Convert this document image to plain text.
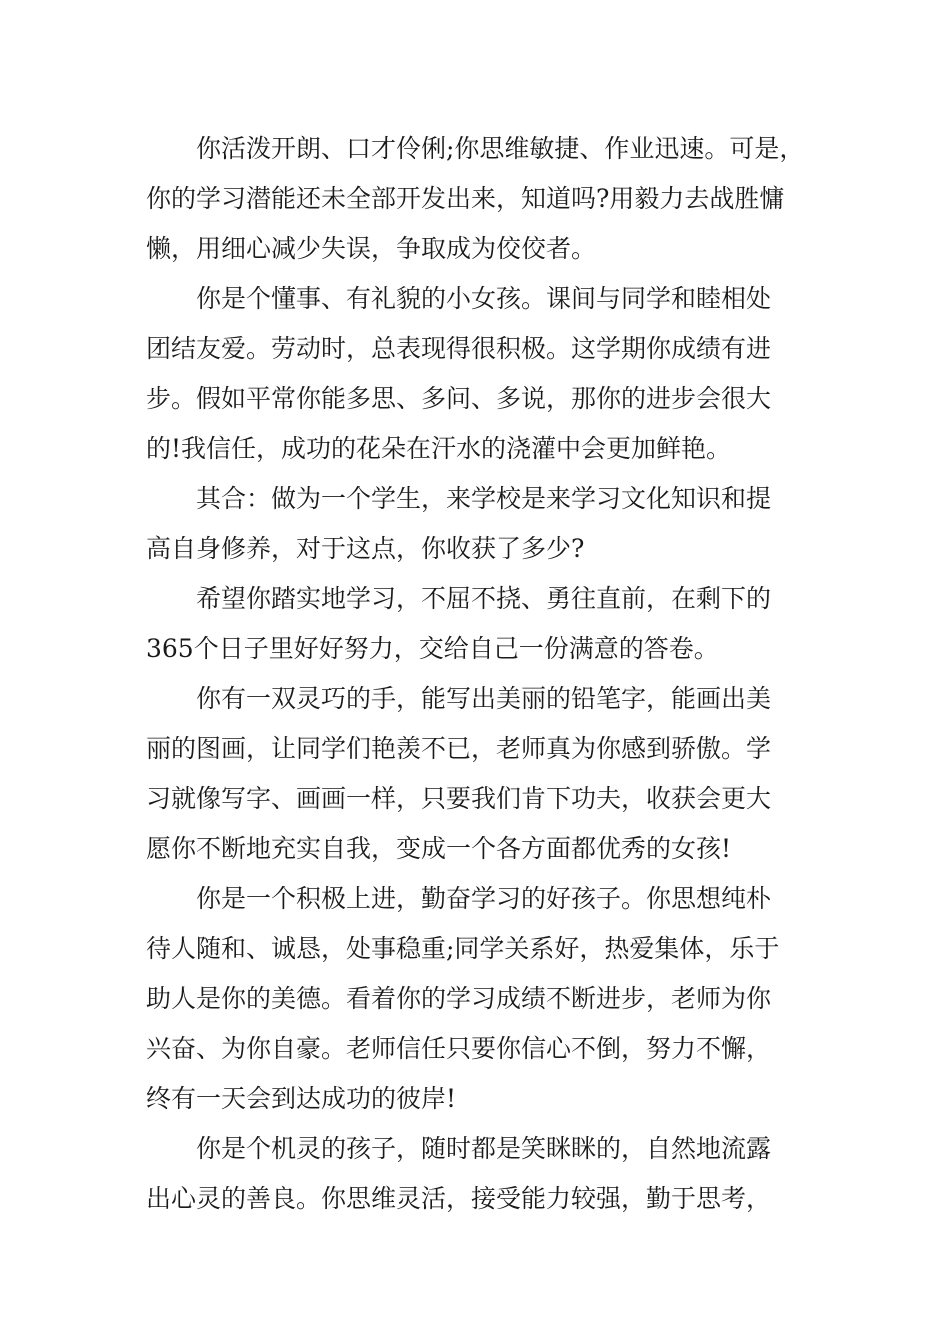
你活泼开朗、口才伶俐;你思维敏捷、作业迅速。可是，
你的学习潜能还未全部开发出来，知道吗?用毅力去战胜慵
懒，用细心减少失误，争取成为佼佼者。
你是个懂事、有礼貌的小女孩。课间与同学和睦相处
团结友爱。劳动时，总表现得很积极。这学期你成绩有进
步。假如平常你能多思、多问、多说，那你的进步会很大
的!我信任，成功的花朵在汗水的浇灌中会更加鲜艳。
其合：做为一个学生，来学校是来学习文化知识和提
高自身修养，对于这点，你收获了多少?
希望你踏实地学习，不屈不挠、勇往直前，在剩下的
365个日子里好好努力，交给自己一份满意的答卷。
你有一双灵巧的手，能写出美丽的铅笔字，能画出美
丽的图画，让同学们艳羡不已，老师真为你感到骄傲。学
习就像写字、画画一样，只要我们肯下功夫，收获会更大
愿你不断地充实自我，变成一个各方面都优秀的女孩!
你是一个积极上进，勤奋学习的好孩子。你思想纯朴
待人随和、诚恳，处事稳重;同学关系好，热爱集体，乐于
助人是你的美德。看着你的学习成绩不断进步，老师为你
兴奋、为你自豪。老师信任只要你信心不倒，努力不懈，
终有一天会到达成功的彼岸!
你是个机灵的孩子，随时都是笑眯眯的，自然地流露
出心灵的善良。你思维灵活，接受能力较强，勤于思考，
